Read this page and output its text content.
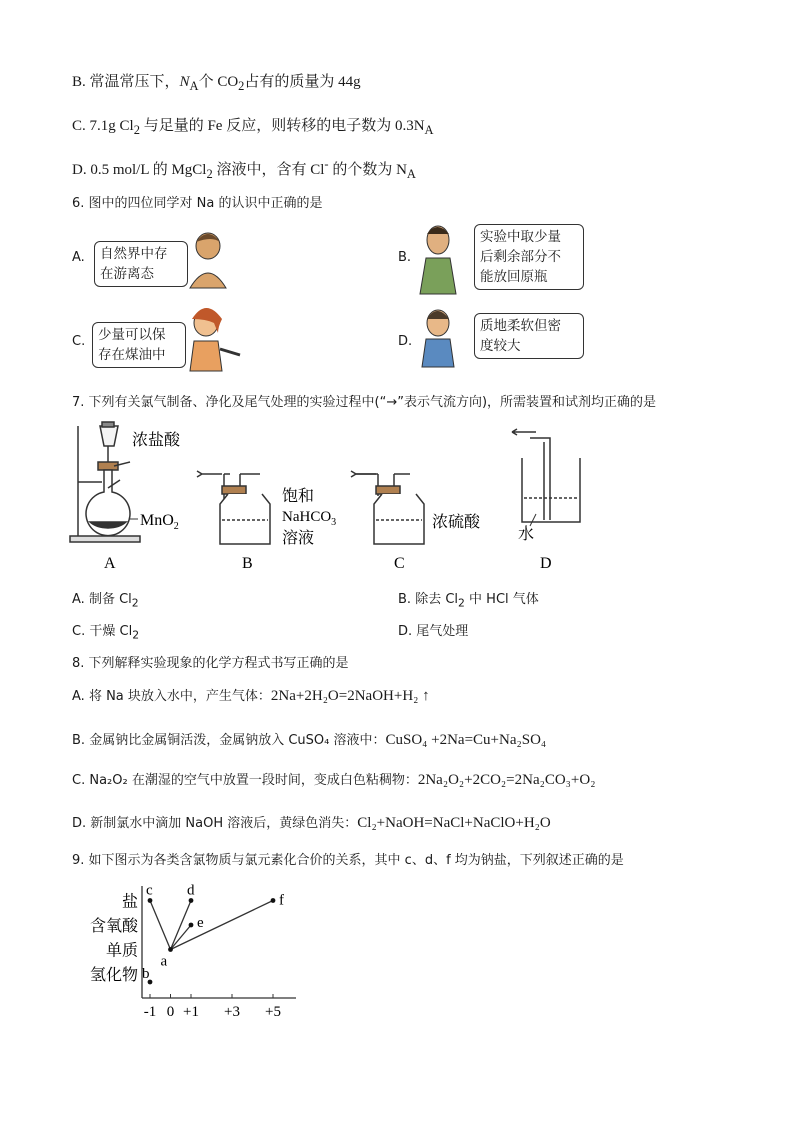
B. 常温常压下，$N_A$个 $CO_2$占有的质量为 44g
C. 7.1g $Cl_2$ 与足量的 Fe 反应，则转移的电子数为 $0.3N_A$
D. 0.5 mol/L 的 MgCl$_2$ 溶液中，含有 Cl- 的个数为 $N_A$
6. 图中的四位同学对 Na 的认识中正确的是
A. 自然界中存
在游离态
B.
实验中取少量
后剩余部分不
能放回原瓶
C. 少量可以保
存在煤油中
D.
质地柔软但密
度较大
7. 下列有关氯气制备、净化及尾气处理的实验过程中(“→”表示气流方向)，所需装置和试剂均正确的是
浓盐酸
MnO$_2$
A
饱和
NaHCO$_3$
溶液
B
浓硫酸
C
水
D
A. 制备 $Cl_2$	B. 除去 $Cl_2$ 中 HCl 气体
C. 干燥 $Cl_2$	D. 尾气处理
8. 下列解释实验现象的化学方程式书写正确的是
A. 将 Na 块放入水中，产生气体：2Na+2H₂O=2NaOH+H₂ ↑
B. 金属钠比金属铜活泼，金属钠放入 CuSO₄ 溶液中：CuSO₄ +2Na=Cu+Na₂SO₄
C. Na₂O₂ 在潮湿的空气中放置一段时间，变成白色粘稠物：2Na₂O₂+2CO₂=2Na₂CO₃+O₂
D. 新制氯水中滴加 NaOH 溶液后，黄绿色消失：Cl₂+NaOH=NaCl+NaClO+H₂O
9. 如下图示为各类含氯物质与氯元素化合价的关系，其中 c、d、f 均为钠盐，下列叙述正确的是
氢化物
单质
含氧酸
盐
-1 0 +1 +3 +5
a
b
c d
e
f
